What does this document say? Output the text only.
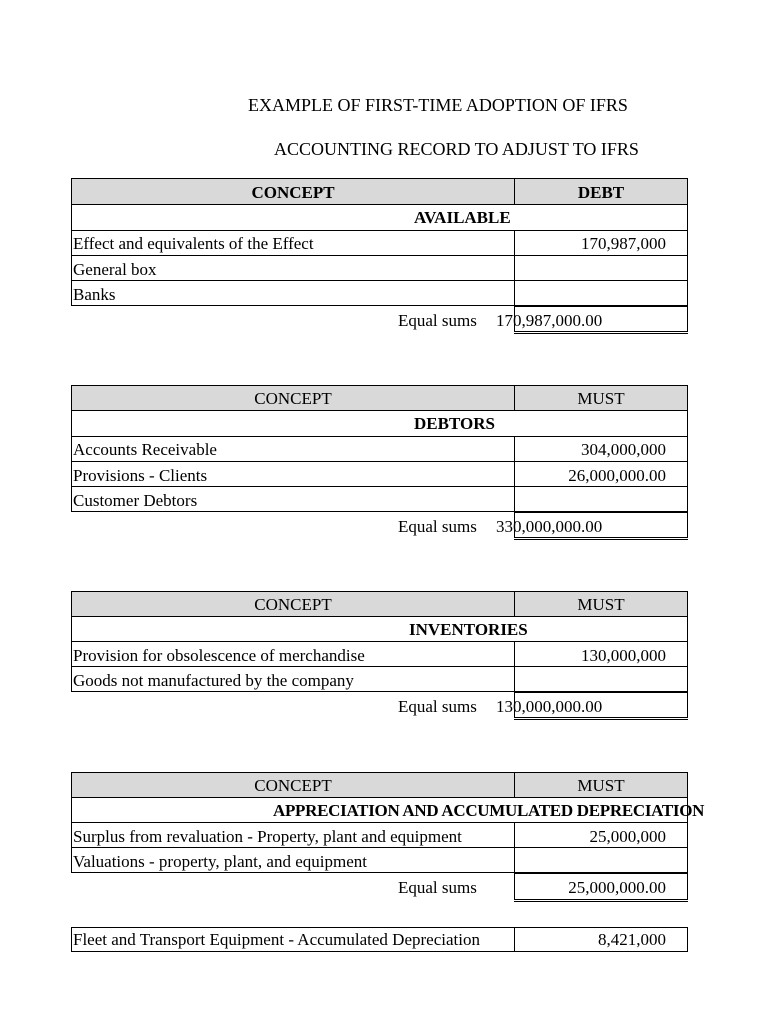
EXAMPLE OF FIRST-TIME ADOPTION OF IFRS
ACCOUNTING RECORD TO ADJUST TO IFRS
CONCEPT	DEBT
AVAILABLE
Effect and equivalents of the Effect	170,987,000
General box
Banks
Equal sums 170,987,000.00
CONCEPT	MUST
DEBTORS
Accounts Receivable	304,000,000
Provisions - Clients	26,000,000.00
Customer Debtors
Equal sums 330,000,000.00
CONCEPT	MUST
INVENTORIES
Provision for obsolescence of merchandise	130,000,000
Goods not manufactured by the company
Equal sums 130,000,000.00
CONCEPT	MUST
APPRECIATION AND ACCUMULATED DEPRECIATION
Surplus from revaluation - Property, plant and equipment	25,000,000
Valuations - property, plant, and equipment
Equal sums	25,000,000.00
Fleet and Transport Equipment - Accumulated Depreciation	8,421,000
